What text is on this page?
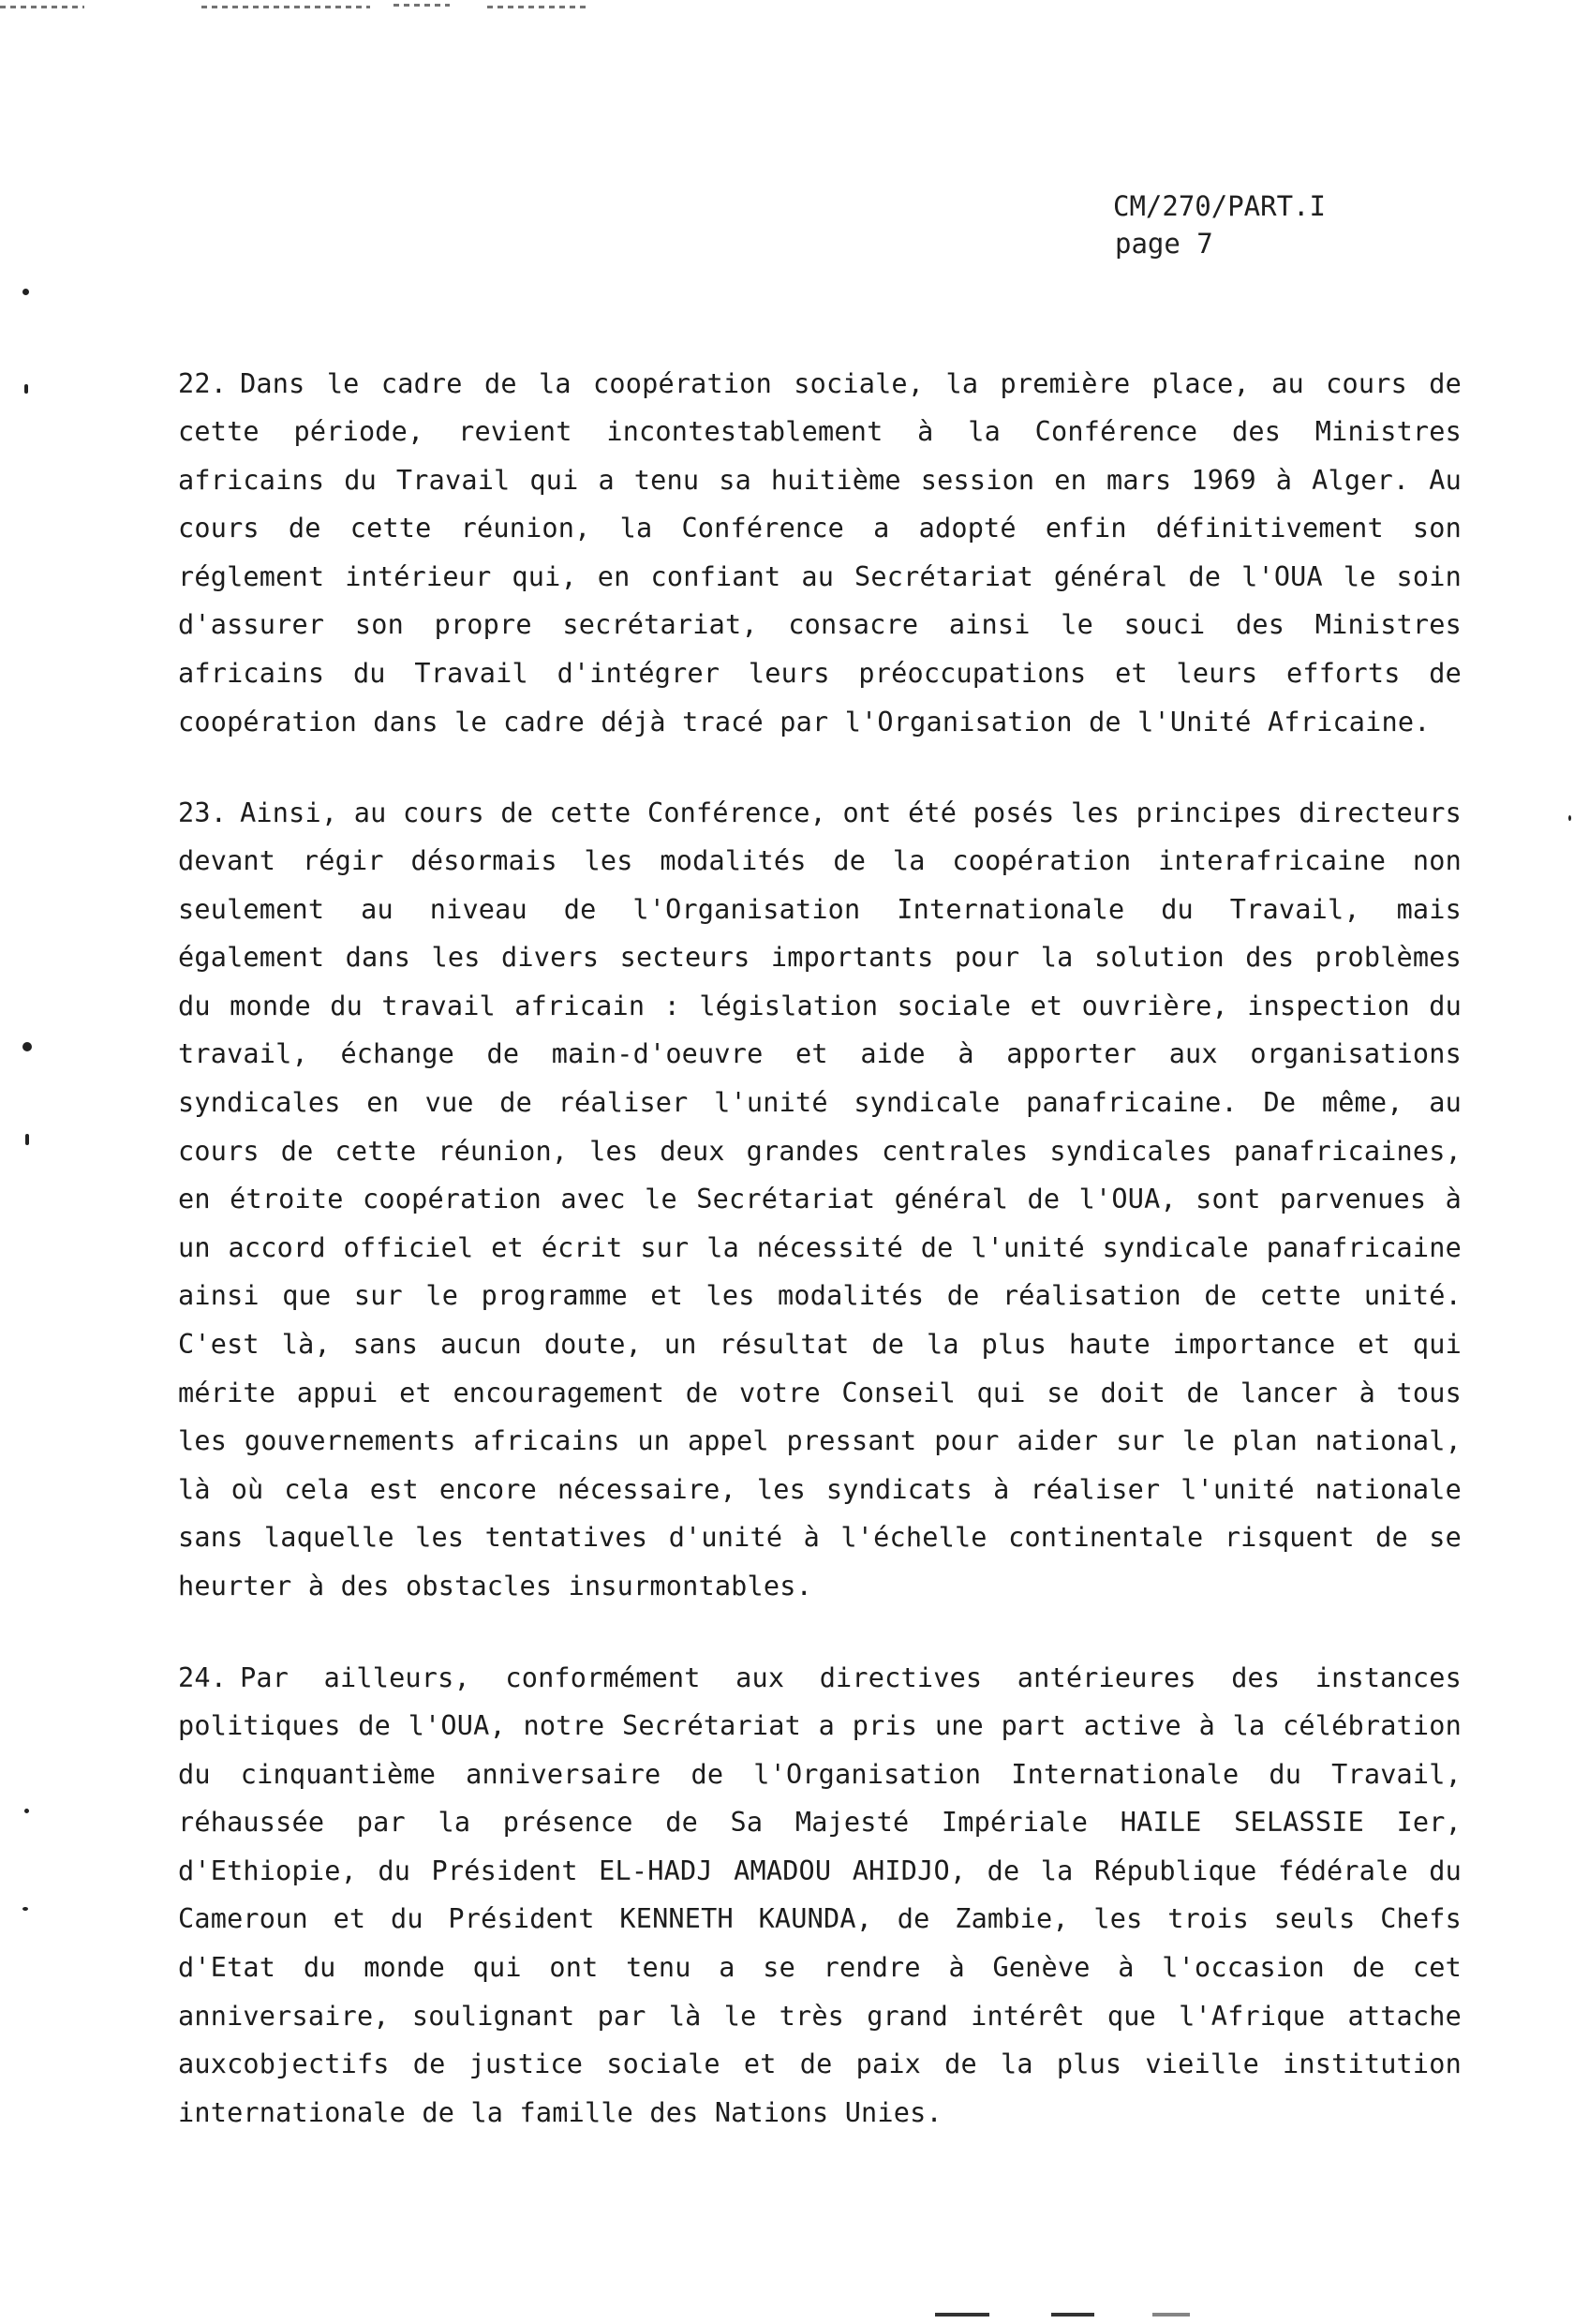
CM/270/PART.I
page 7

22. Dans le cadre de la coopération sociale, la première place, au cours de cette période, revient incontestablement à la Conférence des Ministres africains du Travail qui a tenu sa huitième session en mars 1969 à Alger. Au cours de cette réunion, la Conférence a adopté enfin définitivement son réglement intérieur qui, en confiant au Secrétariat général de l'OUA le soin d'assurer son propre secrétariat, consacre ainsi le souci des Ministres africains du Travail d'intégrer leurs préoccupations et leurs efforts de coopération dans le cadre déjà tracé par l'Organisation de l'Unité Africaine.

23. Ainsi, au cours de cette Conférence, ont été posés les principes directeurs devant régir désormais les modalités de la coopération interafricaine non seulement au niveau de l'Organisation Internationale du Travail, mais également dans les divers secteurs importants pour la solution des problèmes du monde du travail africain : législation sociale et ouvrière, inspection du travail, échange de main-d'oeuvre et aide à apporter aux organisations syndicales en vue de réaliser l'unité syndicale panafricaine. De même, au cours de cette réunion, les deux grandes centrales syndicales panafricaines, en étroite coopération avec le Secrétariat général de l'OUA, sont parvenues à un accord officiel et écrit sur la nécessité de l'unité syndicale panafricaine ainsi que sur le programme et les modalités de réalisation de cette unité. C'est là, sans aucun doute, un résultat de la plus haute importance et qui mérite appui et encouragement de votre Conseil qui se doit de lancer à tous les gouvernements africains un appel pressant pour aider sur le plan national, là où cela est encore nécessaire, les syndicats à réaliser l'unité nationale sans laquelle les tentatives d'unité à l'échelle continentale risquent de se heurter à des obstacles insurmontables.

24. Par ailleurs, conformément aux directives antérieures des instances politiques de l'OUA, notre Secrétariat a pris une part active à la célébration du cinquantième anniversaire de l'Organisation Internationale du Travail, réhaussée par la présence de Sa Majesté Impériale HAILE SELASSIE Ier, d'Ethiopie, du Président EL-HADJ AMADOU AHIDJO, de la République fédérale du Cameroun et du Président KENNETH KAUNDA, de Zambie, les trois seuls Chefs d'Etat du monde qui ont tenu a se rendre à Genève à l'occasion de cet anniversaire, soulignant par là le très grand intérêt que l'Afrique attache auxcobjectifs de justice sociale et de paix de la plus vieille institution internationale de la famille des Nations Unies.
